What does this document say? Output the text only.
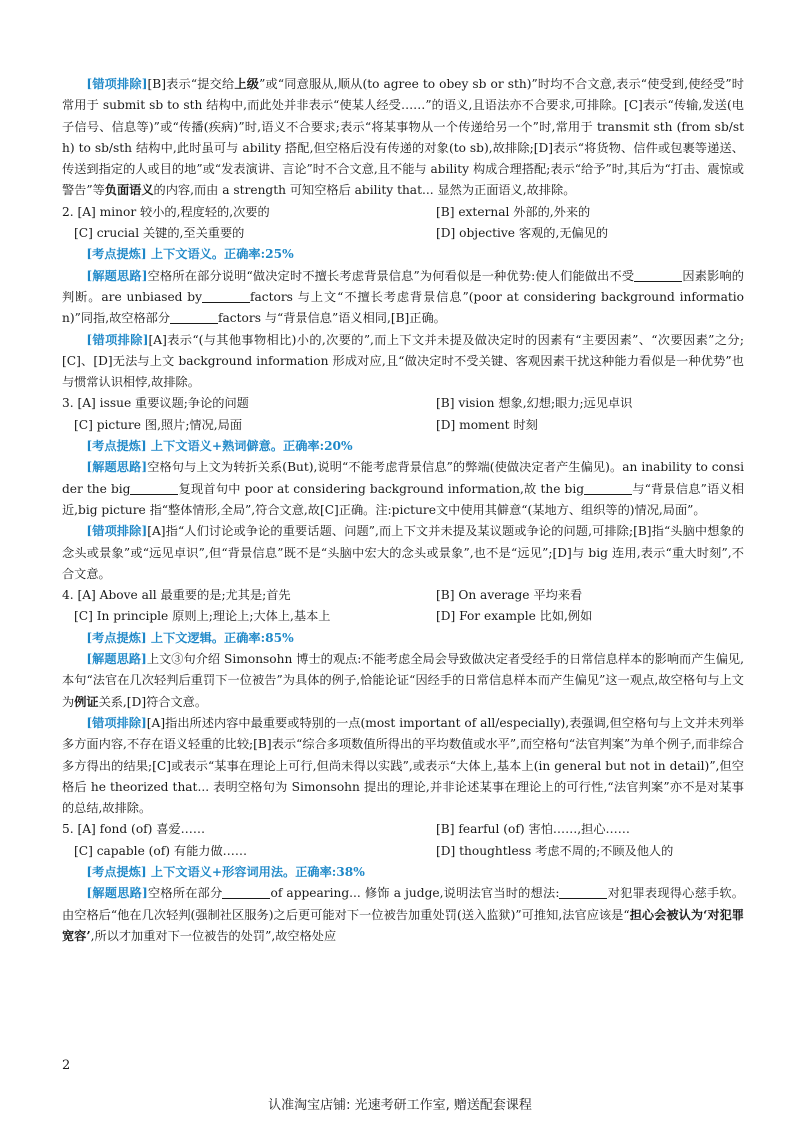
[错项排除][B]表示“提交给上级”或“同意服从,顺从(to agree to obey sb or sth)”时均不合文意,表示“使受到,使经受”时常用于 submit sb to sth 结构中,而此处并非表示“使某人经受……”的语义,且语法亦不合要求,可排除。[C]表示“传输,发送(电子信号、信息等)”或“传播(疾病)”时,语义不合要求;表示“将某事物从一个传递给另一个”时,常用于 transmit sth (from sb/sth) to sb/sth 结构中,此时虽可与 ability 搭配,但空格后没有传递的对象(to sb),故排除;[D]表示“将货物、信件或包裹等递送、传送到指定的人或目的地”或“发表演讲、言论”时不合文意,且不能与 ability 构成合理搭配;表示“给予”时,其后为“打击、震惊或警告”等负面语义的内容,而由 a strength 可知空格后 ability that... 显然为正面语义,故排除。
2. [A] minor 较小的,程度轻的,次要的	[B] external 外部的,外来的
[C] crucial 关键的,至关重要的	[D] objective 客观的,无偏见的
[考点提炼] 上下文语义。正确率:25%
[解题思路]空格所在部分说明“做决定时不擅长考虑背景信息”为何看似是一种优势:使人们能做出不受	因素影响的判断。are unbiased by	factors 与上文“不擅长考虑背景信息”(poor at considering background information)”同指,故空格部分	factors 与“背景信息”语义相同,[B]正确。
[错项排除][A]表示“(与其他事物相比)小的,次要的”,而上下文并未提及做决定时的因素有“主要因素”、“次要因素”之分;[C]、[D]无法与上文 background information 形成对应,且“做决定时不受关键、客观因素干扰这种能力看似是一种优势”也与惯常认识相悖,故排除。
3. [A] issue 重要议题;争论的问题	[B] vision 想象,幻想;眼力;远见卓识
[C] picture 图,照片;情况,局面	[D] moment 时刻
[考点提炼] 上下文语义+熟词僻意。正确率:20%
[解题思路]空格句与上文为转折关系(But),说明“不能考虑背景信息”的弊端(使做决定者产生偏见)。an inability to consider the big	复现首句中 poor at considering background information,故 the big	与“背景信息”语义相近,big picture 指“整体情形,全局”,符合文意,故[C]正确。注:picture文中使用其僻意“(某地方、组织等的)情况,局面”。
[错项排除][A]指“人们讨论或争论的重要话题、问题”,而上下文并未提及某议题或争论的问题,可排除;[B]指“头脑中想象的念头或景象”或“远见卓识”,但“背景信息”既不是“头脑中宏大的念头或景象”,也不是“远见”;[D]与 big 连用,表示“重大时刻”,不合文意。
4. [A] Above all 最重要的是;尤其是;首先	[B] On average 平均来看
[C] In principle 原则上;理论上;大体上,基本上	[D] For example 比如,例如
[考点提炼] 上下文逻辑。正确率:85%
[解题思路]上文③句介绍 Simonsohn 博士的观点:不能考虑全局会导致做决定者受经手的日常信息样本的影响而产生偏见,本句“法官在几次轻判后重罚下一位被告”为具体的例子,恰能论证“因经手的日常信息样本而产生偏见”这一观点,故空格句与上文为例证关系,[D]符合文意。
[错项排除][A]指出所述内容中最重要或特别的一点(most important of all/especially),表强调,但空格句与上文并未列举多方面内容,不存在语义轻重的比较;[B]表示“综合多项数值所得出的平均数值或水平”,而空格句“法官判案”为单个例子,而非综合多方得出的结果;[C]或表示“某事在理论上可行,但尚未得以实践”,或表示“大体上,基本上(in general but not in detail)”,但空格后 he theorized that... 表明空格句为 Simonsohn 提出的理论,并非论述某事在理论上的可行性,“法官判案”亦不是对某事的总结,故排除。
5. [A] fond (of) 喜爱……	[B] fearful (of) 害怕……,担心……
[C] capable (of) 有能力做……	[D] thoughtless 考虑不周的;不顾及他人的
[考点提炼] 上下文语义+形容词用法。正确率:38%
[解题思路]空格所在部分	of appearing... 修饰 a judge,说明法官当时的想法:	对犯罪表现得心慈手软。由空格后“他在几次轻判(强制社区服务)之后更可能对下一位被告加重处罚(送入监狱)”可推知,法官应该是“担心会被认为‘对犯罪宽容’,所以才加重对下一位被告的处罚”,故空格处应
2
认准淘宝店铺: 光速考研工作室, 赠送配套课程
